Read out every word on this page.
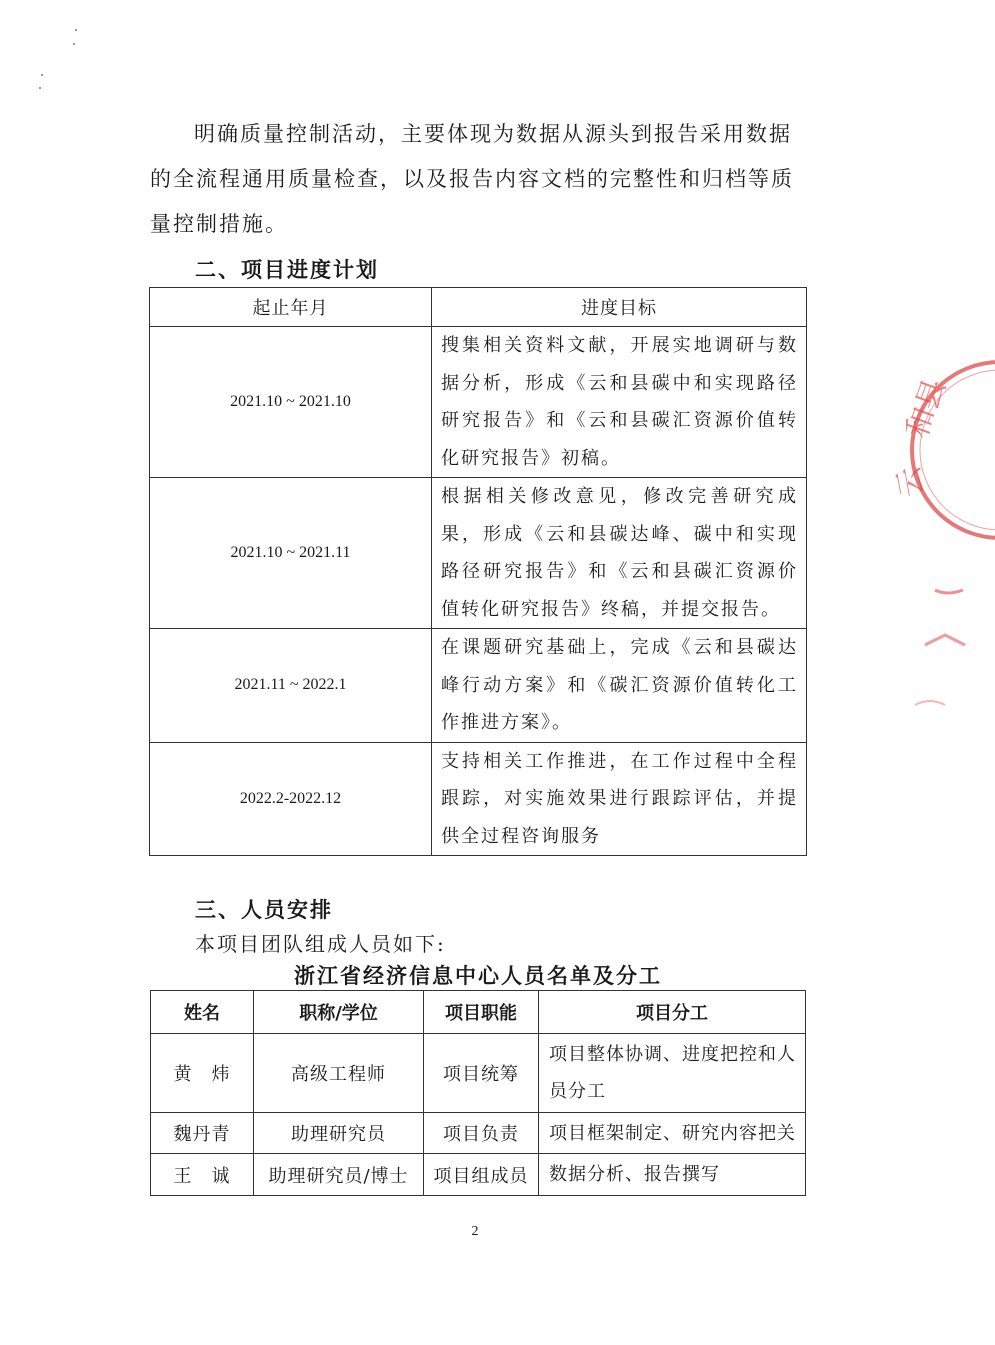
明确质量控制活动，主要体现为数据从源头到报告采用数据的全流程通用质量检查，以及报告内容文档的完整性和归档等质量控制措施。

二、项目进度计划
起止年月	进度目标
2021.10 ~ 2021.10	搜集相关资料文献，开展实地调研与数据分析，形成《云和县碳中和实现路径研究报告》和《云和县碳汇资源价值转化研究报告》初稿。
2021.10 ~ 2021.11	根据相关修改意见，修改完善研究成果，形成《云和县碳达峰、碳中和实现路径研究报告》和《云和县碳汇资源价值转化研究报告》终稿，并提交报告。
2021.11 ~ 2022.1	在课题研究基础上，完成《云和县碳达峰行动方案》和《碳汇资源价值转化工作推进方案》。
2022.2-2022.12	支持相关工作推进，在工作过程中全程跟踪，对实施效果进行跟踪评估，并提供全过程咨询服务
三、人员安排
本项目团队组成人员如下:
浙江省经济信息中心人员名单及分工
姓名	职称/学位	项目职能	项目分工
黄　炜	高级工程师	项目统筹	项目整体协调、进度把控和人员分工
魏丹青	助理研究员	项目负责	项目框架制定、研究内容把关
王　诚	助理研究员/博士	项目组成员	数据分析、报告撰写
2
和县
云
